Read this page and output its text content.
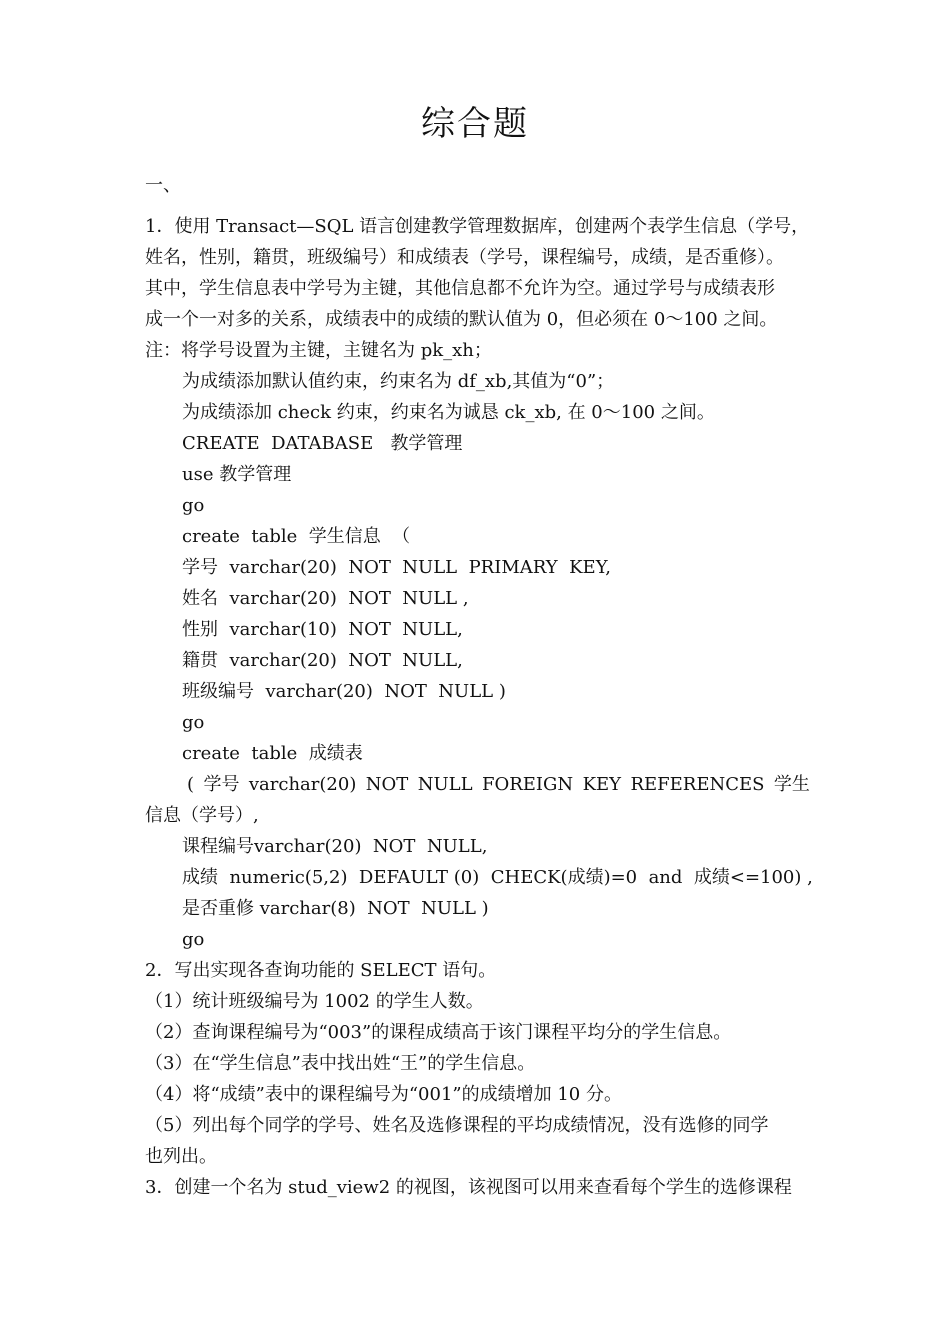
综合题
一、
1．使用 Transact—SQL 语言创建教学管理数据库，创建两个表学生信息（学号，
姓名，性别，籍贯，班级编号）和成绩表（学号，课程编号，成绩，是否重修）。
其中，学生信息表中学号为主键，其他信息都不允许为空。通过学号与成绩表形
成一个一对多的关系，成绩表中的成绩的默认值为 0，但必须在 0～100 之间。
注：将学号设置为主键，主键名为 pk_xh；
为成绩添加默认值约束，约束名为 df_xb,其值为“0”；
为成绩添加 check 约束，约束名为诚恳 ck_xb, 在 0～100 之间。
CREATE  DATABASE   教学管理
use 教学管理
go
create  table  学生信息  （
学号  varchar(20)  NOT  NULL  PRIMARY  KEY,
姓名  varchar(20)  NOT  NULL ,
性别  varchar(10)  NOT  NULL,
籍贯  varchar(20)  NOT  NULL,
班级编号  varchar(20)  NOT  NULL )
go
create  table  成绩表
( 学号 varchar(20) NOT NULL FOREIGN KEY REFERENCES 学生
信息（学号）,
课程编号varchar(20)  NOT  NULL,
成绩  numeric(5,2)  DEFAULT (0)  CHECK(成绩)=0  and  成绩<=100) ,
是否重修 varchar(8)  NOT  NULL )
go
2．写出实现各查询功能的 SELECT 语句。
（1）统计班级编号为 1002 的学生人数。
（2）查询课程编号为“003”的课程成绩高于该门课程平均分的学生信息。
（3）在“学生信息”表中找出姓“王”的学生信息。
（4）将“成绩”表中的课程编号为“001”的成绩增加 10 分。
（5）列出每个同学的学号、姓名及选修课程的平均成绩情况，没有选修的同学
也列出。
3．创建一个名为 stud_view2 的视图，该视图可以用来查看每个学生的选修课程
